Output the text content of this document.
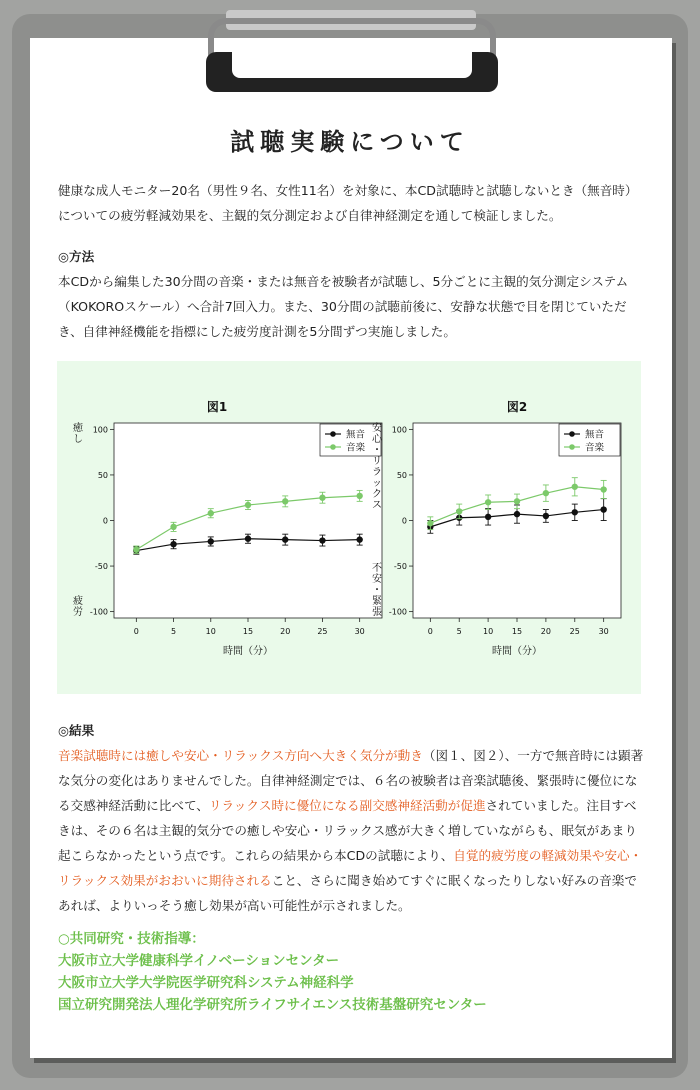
試聴実験について
健康な成人モニター20名（男性９名、女性11名）を対象に、本CD試聴時と試聴しないとき（無音時）についての疲労軽減効果を、主観的気分測定および自律神経測定を通して検証しました。
◎方法
本CDから編集した30分間の音楽・または無音を被験者が試聴し、5分ごとに主観的気分測定システム（KOKOROスケール）へ合計7回入力。また、30分間の試聴前後に、安静な状態で目を閉じていただき、自律神経機能を指標にした疲労度計測を5分間ずつ実施しました。
図1
100
50
0
-50
-100
0	5	10	15	20	25	30
時間（分）
癒
し
疲
労
無音
音楽
図2
100
50
0
-50
-100
0	5	10 15 20 25 30
時間（分）
安
心
・
リ
ラ
ッ
ク
ス
不
安
・
緊
張
無音
音楽
◎結果
音楽試聴時には癒しや安心・リラックス方向へ大きく気分が動き（図１、図２）、一方で無音時には顕著な気分の変化はありませんでした。自律神経測定では、６名の被験者は音楽試聴後、緊張時に優位になる交感神経活動に比べて、リラックス時に優位になる副交感神経活動が促進されていました。注目すべきは、その６名は主観的気分での癒しや安心・リラックス感が大きく増していながらも、眠気があまり起こらなかったという点です。これらの結果から本CDの試聴により、自覚的疲労度の軽減効果や安心・リラックス効果がおおいに期待されること、さらに聞き始めてすぐに眠くなったりしない好みの音楽であれば、よりいっそう癒し効果が高い可能性が示されました。
○共同研究・技術指導：
大阪市立大学健康科学イノベーションセンター
大阪市立大学大学院医学研究科システム神経科学
国立研究開発法人理化学研究所ライフサイエンス技術基盤研究センター
